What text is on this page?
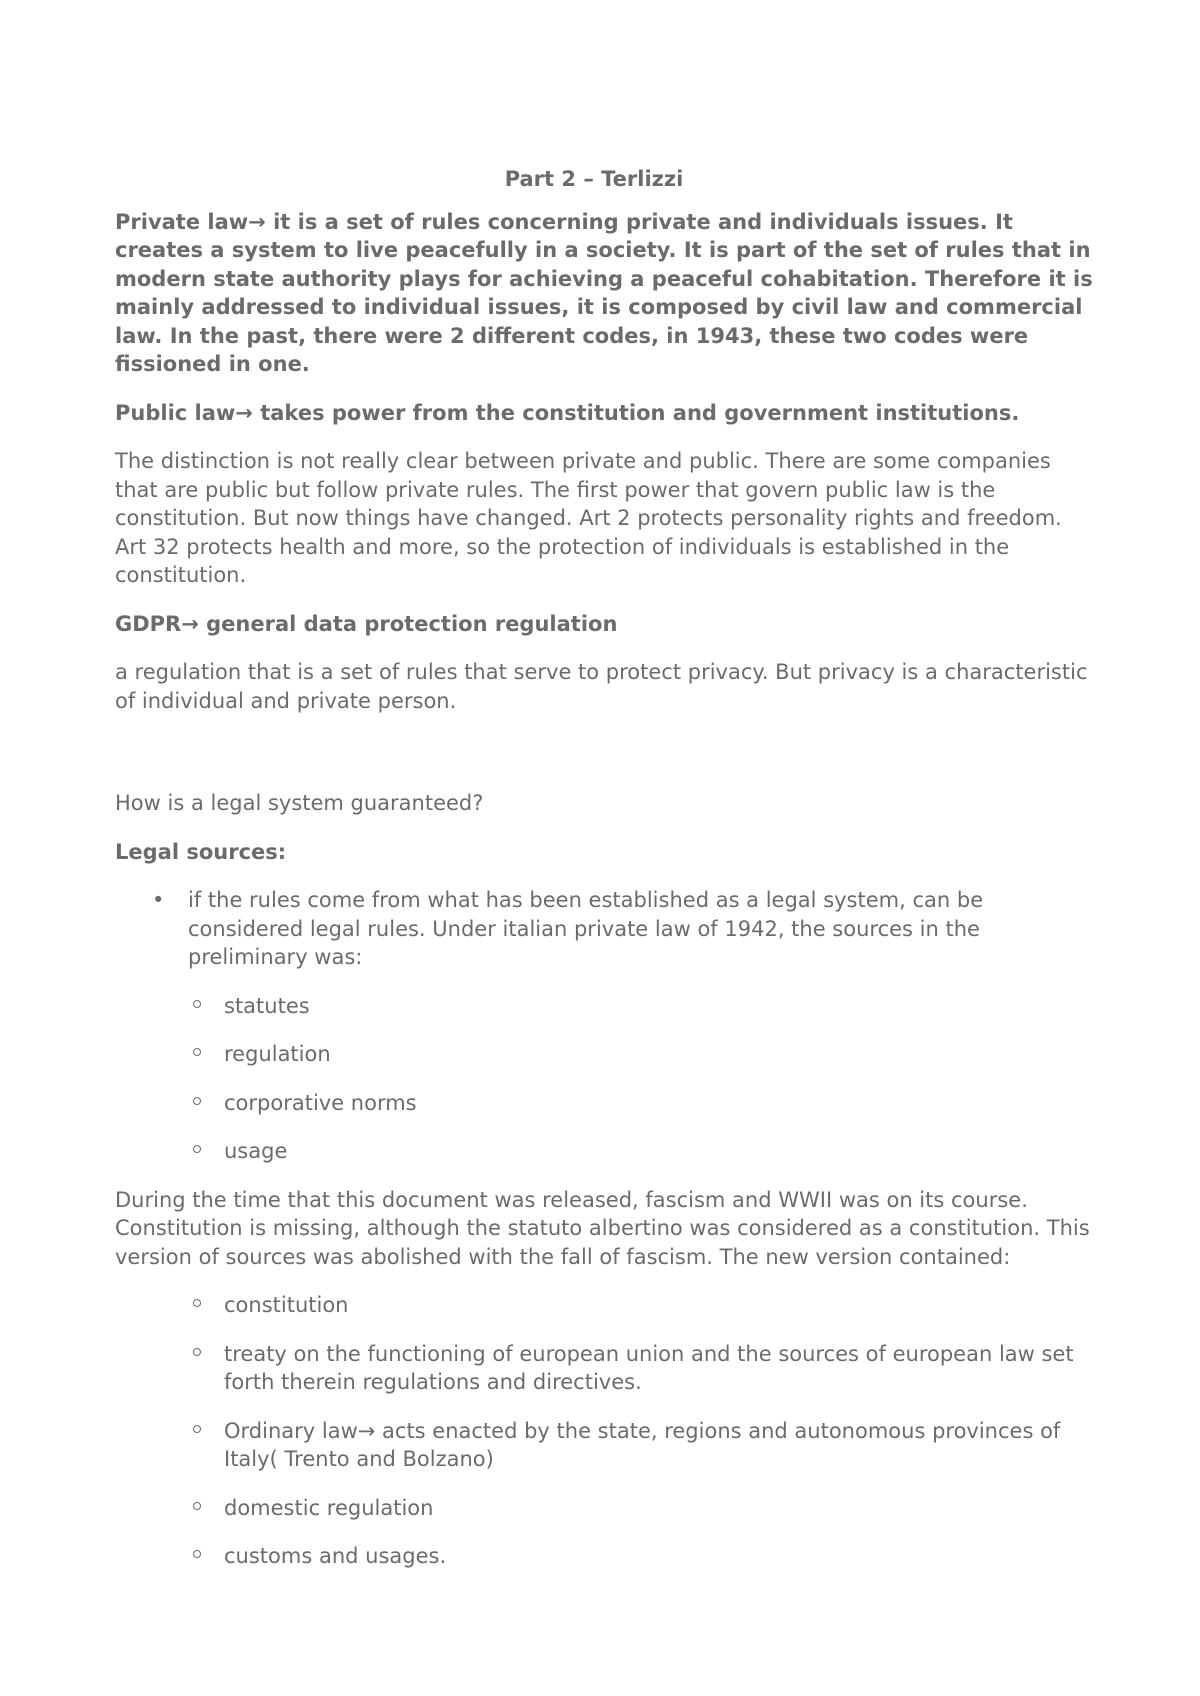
Part 2 – Terlizzi

Private law→ it is a set of rules concerning private and individuals issues. It creates a system to live peacefully in a society. It is part of the set of rules that in modern state authority plays for achieving a peaceful cohabitation. Therefore it is mainly addressed to individual issues, it is composed by civil law and commercial law. In the past, there were 2 different codes, in 1943, these two codes were fissioned in one.

Public law→ takes power from the constitution and government institutions.

The distinction is not really clear between private and public. There are some companies that are public but follow private rules. The first power that govern public law is the constitution. But now things have changed. Art 2 protects personality rights and freedom. Art 32 protects health and more, so the protection of individuals is established in the constitution.

GDPR→ general data protection regulation

a regulation that is a set of rules that serve to protect privacy. But privacy is a characteristic of individual and private person.

How is a legal system guaranteed?

Legal sources:

• if the rules come from what has been established as a legal system, can be considered legal rules. Under italian private law of 1942, the sources in the preliminary was:
statutes
regulation
corporative norms
usage

During the time that this document was released, fascism and WWII was on its course. Constitution is missing, although the statuto albertino was considered as a constitution. This version of sources was abolished with the fall of fascism. The new version contained:

constitution
treaty on the functioning of european union and the sources of european law set forth therein regulations and directives.
Ordinary law→ acts enacted by the state, regions and autonomous provinces of Italy( Trento and Bolzano)
domestic regulation
customs and usages.
